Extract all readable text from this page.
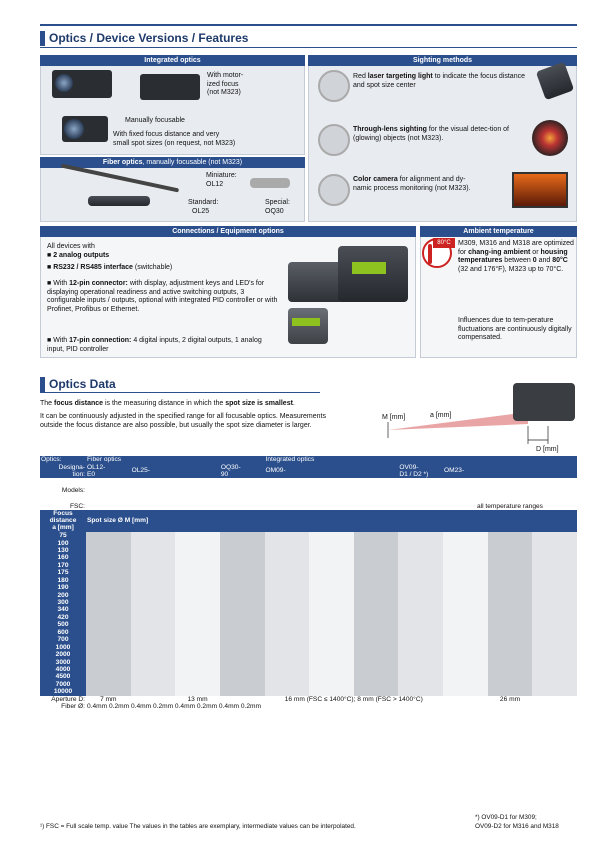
Optics / Device Versions / Features
Integrated optics
With motor-
ized focus
(not M323)
Manually focusable
With fixed focus distance and very
small spot sizes (on request, not M323)
Fiber optics, manually focusable (not M323)
Miniature:
OL12
Standard:
OL25
Special:
OQ30
Sighting methods
Red laser targeting light to indicate the focus distance and spot size center
Through-lens sighting for the visual detec-tion of (glowing) objects (not M323).
Color camera for alignment and dy-namic process monitoring (not M323).
Connections / Equipment options
All devices with
■ 2 analog outputs
■ RS232 / RS485 interface (switchable)
■ With 12-pin connector: with display, adjustment keys and LED's for displaying operational readiness and active switching outputs, 3 configurable inputs / outputs, optional with integrated PID controller or with Profinet, Profibus or Ethernet.
■ With 17-pin connection: 4 digital inputs, 2 digital outputs, 1 analog input, PID controller
Ambient temperature
80°C	M309, M316 and M318 are optimized for chang-ing ambient or housing temperatures between 0 and 80°C (32 and 176°F), M323 up to 70°C.
Influences due to tem-perature fluctuations are continuously digitally compensated.
Optics Data
The focus distance is the measuring distance in which the spot size is smallest.
It can be continuously adjusted in the specified range for all focusable optics. Measurements outside the focus distance are also possible, but usually the spot size diameter is larger.
M [mm]	a [mm]
D [mm]
Optics:	Fiber optics								Integrated optics													
Designa-
tion:	OL12-
E0		OL25-				OQ30-
90		OM09-						OV09-
D1 / D2 *)		OM23-					
Models:																						
FSC:																	all temperature ranges					
Focus
distance
a [mm]	Spot size Ø M [mm]																					
75																						
100																						
130																						
160																						
170																						
175																						
180																						
190																						
200																						
300																						
340																						
420																						
500																						
600																						
700																						
1000																						
2000																						
3000																						
4000																						
4500																						
7000																						
10000																						
Aperture D:	7 mm		13 mm						16 mm (FSC ≤ 1400°C); 8 mm (FSC > 1400°C)								26 mm					
Fiber Ø:	0.4mm 0.2mm 0.4mm 0.2mm 0.4mm 0.2mm 0.4mm 0.2mm																					
¹) FSC = Full scale temp. value The values in the tables are exemplary, intermediate values can be interpolated.
*) OV09-D1 for M309;
OV09-D2 for M316 and M318
